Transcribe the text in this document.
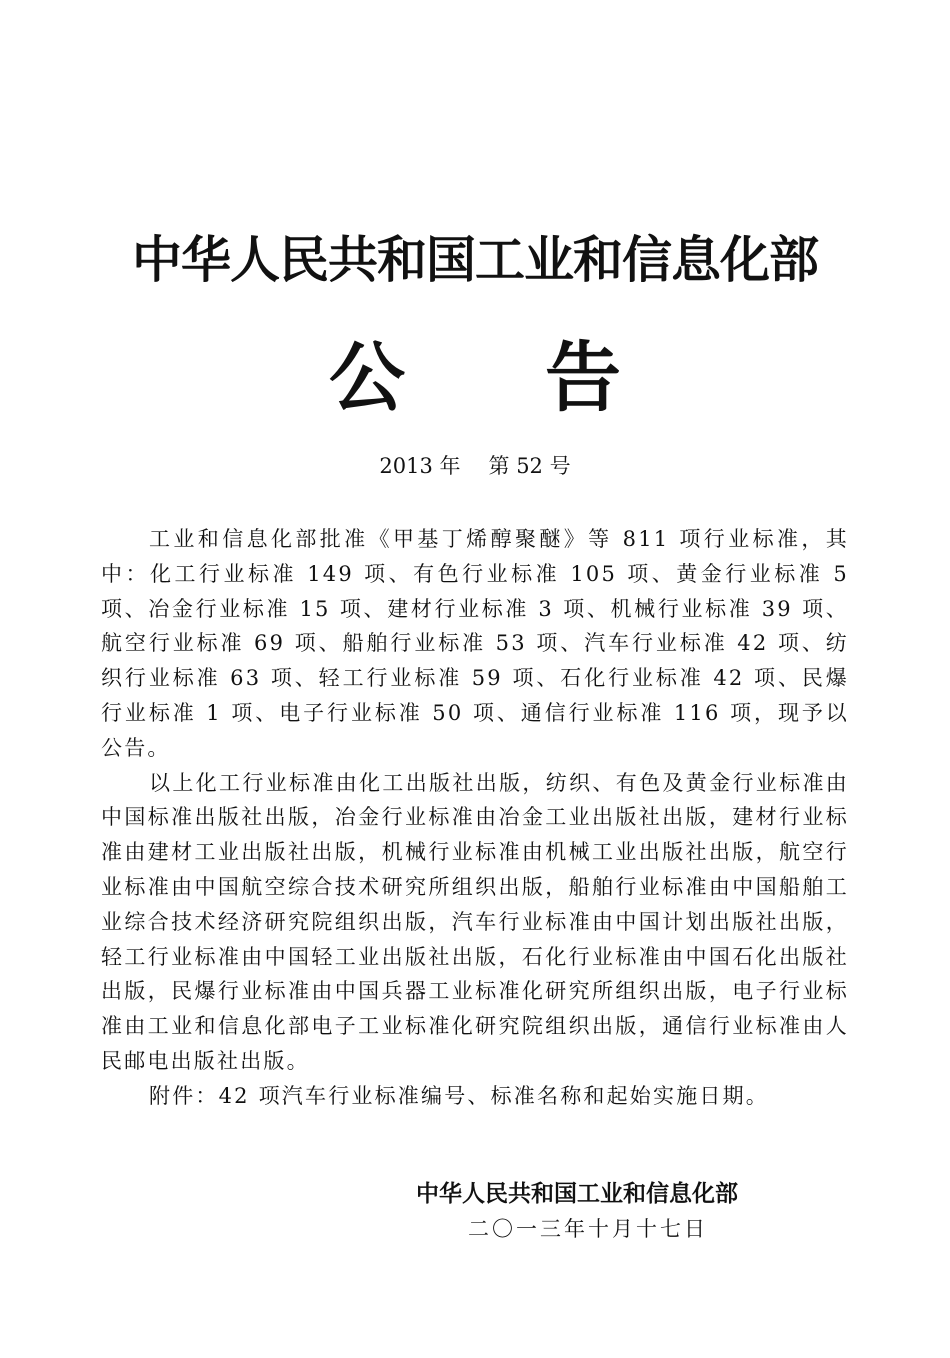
中华人民共和国工业和信息化部
公 告
2013 年 第 52 号

工业和信息化部批准《甲基丁烯醇聚醚》等 811 项行业标准，其中：化工行业标准 149 项、有色行业标准 105 项、黄金行业标准 5 项、冶金行业标准 15 项、建材行业标准 3 项、机械行业标准 39 项、航空行业标准 69 项、船舶行业标准 53 项、汽车行业标准 42 项、纺织行业标准 63 项、轻工行业标准 59 项、石化行业标准 42 项、民爆行业标准 1 项、电子行业标准 50 项、通信行业标准 116 项，现予以公告。

以上化工行业标准由化工出版社出版，纺织、有色及黄金行业标准由中国标准出版社出版，冶金行业标准由冶金工业出版社出版，建材行业标准由建材工业出版社出版，机械行业标准由机械工业出版社出版，航空行业标准由中国航空综合技术研究所组织出版，船舶行业标准由中国船舶工业综合技术经济研究院组织出版，汽车行业标准由中国计划出版社出版，轻工行业标准由中国轻工业出版社出版，石化行业标准由中国石化出版社出版，民爆行业标准由中国兵器工业标准化研究所组织出版，电子行业标准由工业和信息化部电子工业标准化研究院组织出版，通信行业标准由人民邮电出版社出版。

附件：42 项汽车行业标准编号、标准名称和起始实施日期。

中华人民共和国工业和信息化部
二〇一三年十月十七日
